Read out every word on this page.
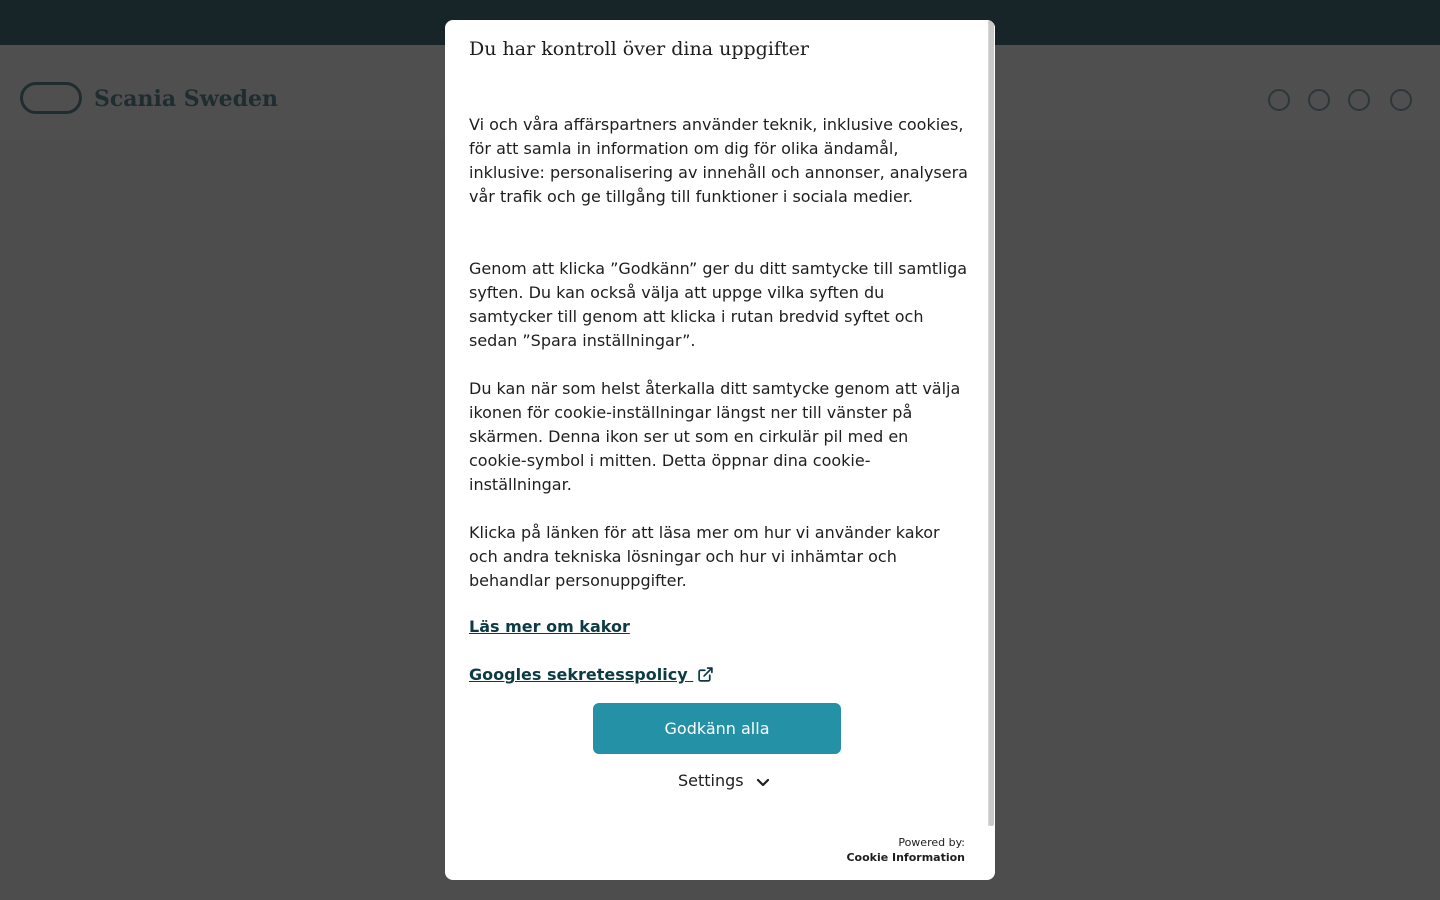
Du har kontroll över dina uppgifter
Vi och våra affärspartners använder teknik, inklusive cookies, för att samla in information om dig för olika ändamål, inklusive: personalisering av innehåll och annonser, analysera vår trafik och ge tillgång till funktioner i sociala medier.
Genom att klicka ”Godkänn” ger du ditt samtycke till samtliga syften. Du kan också välja att uppge vilka syften du samtycker till genom att klicka i rutan bredvid syftet och sedan ”Spara inställningar”.
Du kan när som helst återkalla ditt samtycke genom att välja ikonen för cookie-inställningar längst ner till vänster på skärmen. Denna ikon ser ut som en cirkulär pil med en cookie-symbol i mitten. Detta öppnar dina cookie-inställningar.
Klicka på länken för att läsa mer om hur vi använder kakor och andra tekniska lösningar och hur vi inhämtar och behandlar personuppgifter.
Läs mer om kakor
Googles sekretesspolicy
Godkänn alla
Settings
Powered by:
Cookie Information
